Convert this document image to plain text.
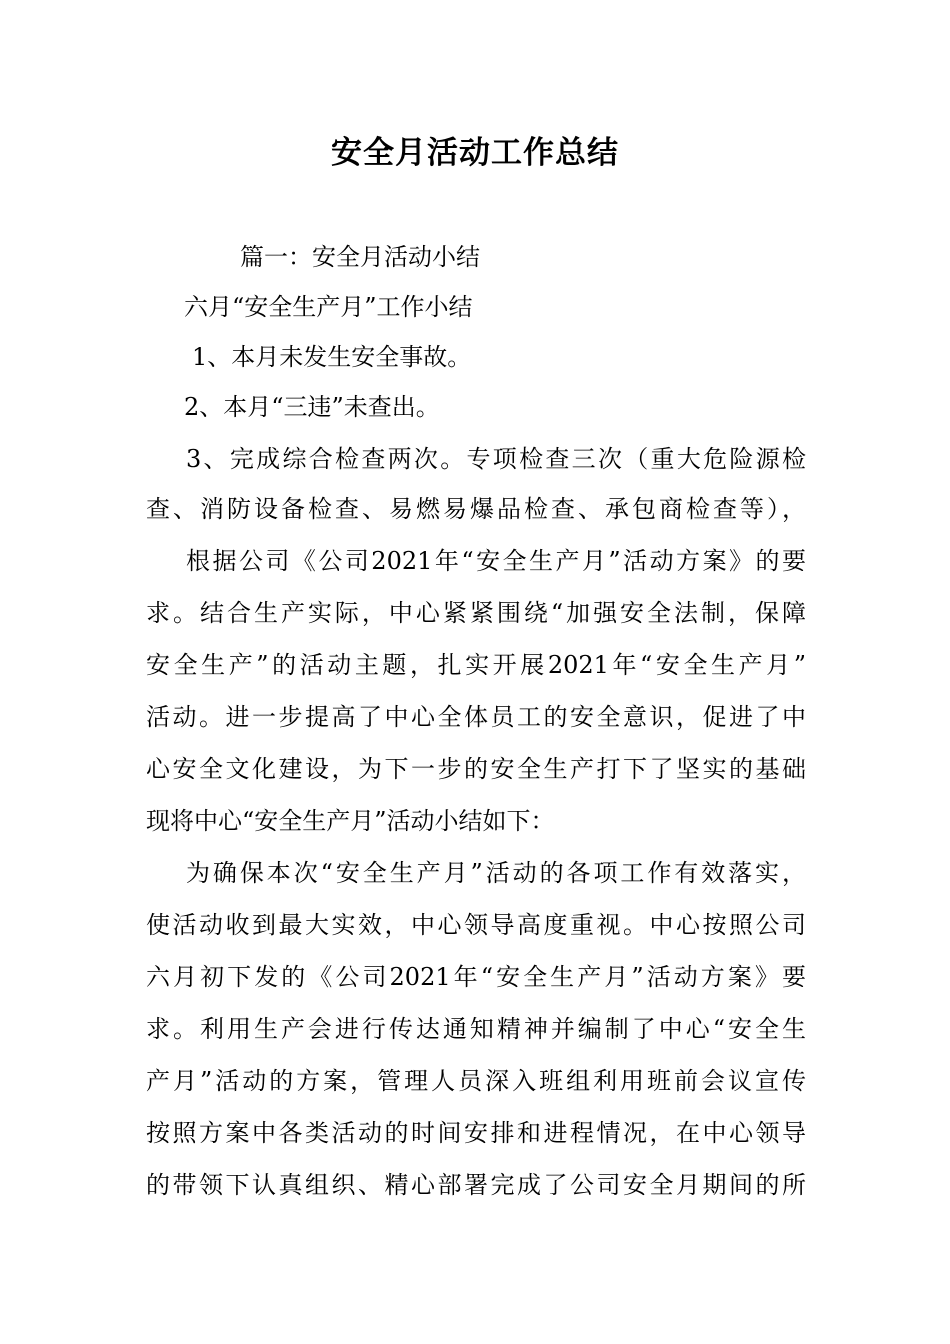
安全月活动工作总结

篇一：安全月活动小结

六月“安全生产月”工作小结

1、本月未发生安全事故。

2、本月“三违”未查出。

3、完成综合检查两次。专项检查三次（重大危险源检

查、消防设备检查、易燃易爆品检查、承包商检查等），

根据公司《公司2021年“安全生产月”活动方案》的要

求。结合生产实际，中心紧紧围绕“加强安全法制，保障

安全生产”的活动主题，扎实开展2021年“安全生产月”

活动。进一步提高了中心全体员工的安全意识，促进了中

心安全文化建设，为下一步的安全生产打下了坚实的基础

现将中心“安全生产月”活动小结如下：

为确保本次“安全生产月”活动的各项工作有效落实，

使活动收到最大实效，中心领导高度重视。中心按照公司

六月初下发的《公司2021年“安全生产月”活动方案》要

求。利用生产会进行传达通知精神并编制了中心“安全生

产月”活动的方案，管理人员深入班组利用班前会议宣传

按照方案中各类活动的时间安排和进程情况，在中心领导

的带领下认真组织、精心部署完成了公司安全月期间的所
